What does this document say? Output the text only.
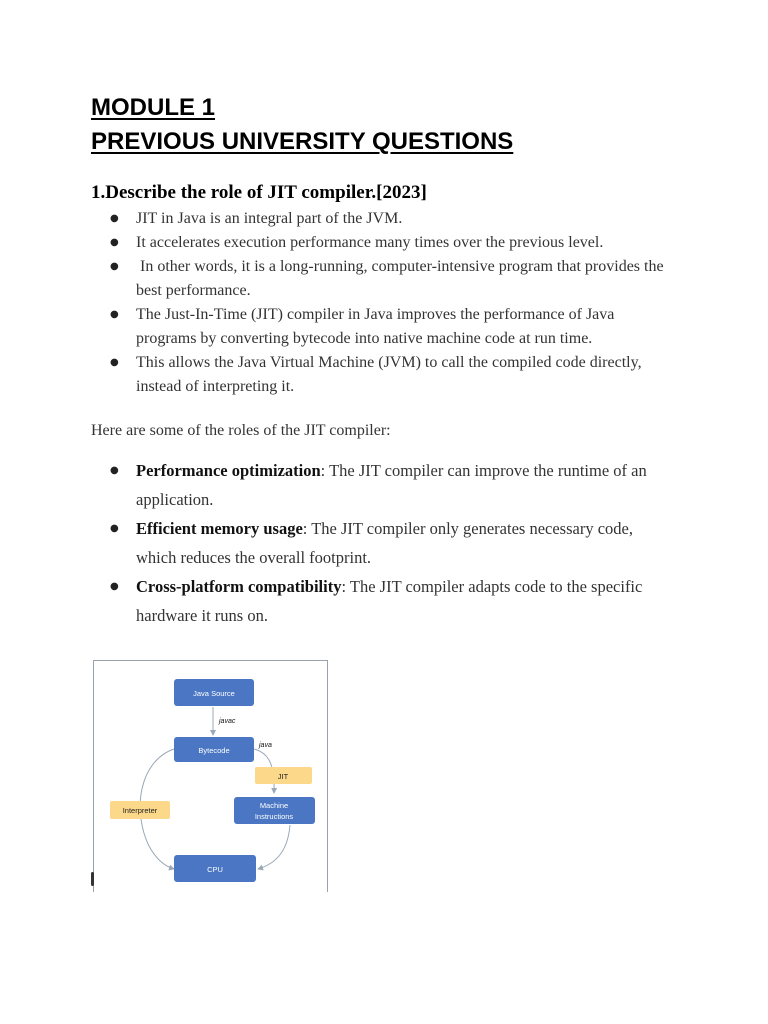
MODULE 1
PREVIOUS UNIVERSITY QUESTIONS
1.Describe the role of JIT compiler.[2023]
● JIT in Java is an integral part of the JVM.
● It accelerates execution performance many times over the previous level.
●  In other words, it is a long-running, computer-intensive program that provides the best performance.
● The Just-In-Time (JIT) compiler in Java improves the performance of Java programs by converting bytecode into native machine code at run time.
● This allows the Java Virtual Machine (JVM) to call the compiled code directly, instead of interpreting it.

Here are some of the roles of the JIT compiler:

● Performance optimization: The JIT compiler can improve the runtime of an application.
● Efficient memory usage: The JIT compiler only generates necessary code, which reduces the overall footprint.
● Cross-platform compatibility: The JIT compiler adapts code to the specific hardware it runs on.
Java Source
javac
Bytecode
java
JIT
Machine
Instructions
Interpreter
CPU
